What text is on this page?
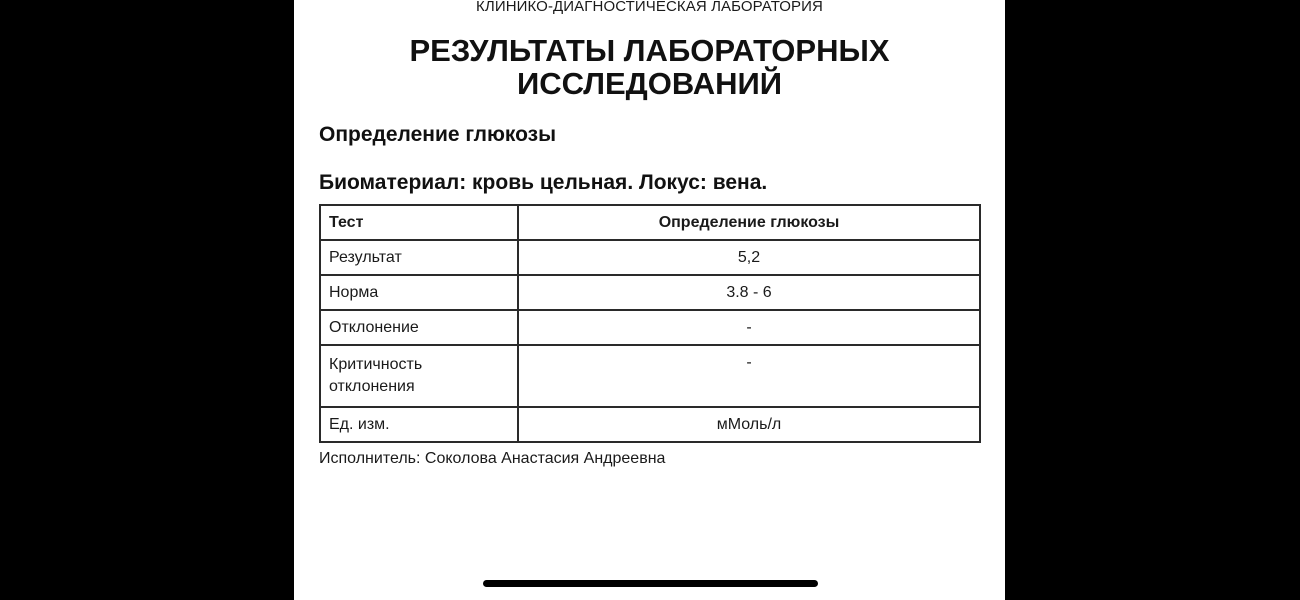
КЛИНИКО-ДИАГНОСТИЧЕСКАЯ ЛАБОРАТОРИЯ
РЕЗУЛЬТАТЫ ЛАБОРАТОРНЫХ
ИССЛЕДОВАНИЙ
Определение глюкозы
Биоматериал: кровь цельная. Локус: вена.
Тест	Определение глюкозы
Результат	5,2
Норма	3.8 - 6
Отклонение	-

Критичность
отклонения	-
Ед. изм.	мМоль/л
Исполнитель: Соколова Анастасия Андреевна
